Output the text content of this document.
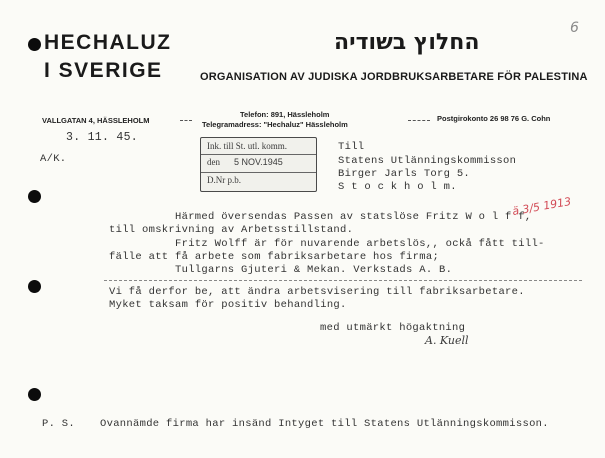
HECHALUZ
I SVERIGE
החלוץ בשודיה
ORGANISATION AV JUDISKA JORDBRUKSARBETARE FÖR PALESTINA
VALLGATAN 4, HÄSSLEHOLM
Telefon: 891, Hässleholm
Telegramadress: "Hechaluz" Hässleholm
Postgirokonto 26 98 76 G. Cohn
6
3. 11. 45.
A/K.
Ink. till St. utl. komm.
den 5 NOV.1945
D.Nr p.b.
Till
Statens Utlänningskommisson
Birger Jarls Torg 5.
S t o c k h o l m.
ä 3/5 1913
Härmed översendas Passen av statslöse Fritz W o l f f,
till omskrivning av Arbetsstillstand.
Fritz Wolff är för nuvarende arbetslös,, ockå fått till-
fälle att få arbete som fabriksarbetare hos firma;
Tullgarns Gjuteri & Mekan. Verkstads A. B.
Vi få derfor be, att ändra arbetsvisering till fabriksarbetare.
Myket taksam för positiv behandling.
med utmärkt högaktning
A. Kuell
P. S. Ovannämde firma har insänd Intyget till Statens Utlänningskommisson.
